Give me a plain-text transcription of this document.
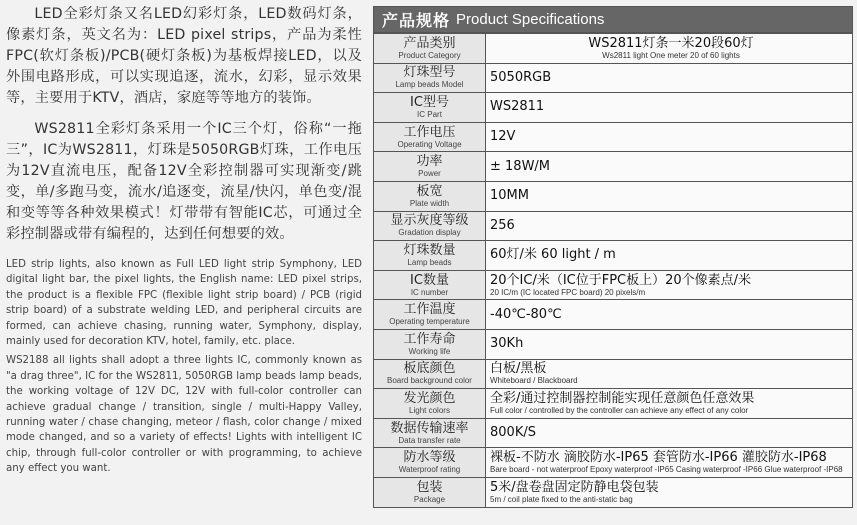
LED全彩灯条又名LED幻彩灯条，LED数码灯条，像素灯条，英文名为：LED pixel strips，产品为柔性FPC(软灯条板)/PCB(硬灯条板)为基板焊接LED，以及外围电路形成，可以实现追逐，流水，幻彩，显示效果等，主要用于KTV，酒店，家庭等等地方的装饰。

WS2811全彩灯条采用一个IC三个灯，俗称“一拖三”，IC为WS2811，灯珠是5050RGB灯珠，工作电压为12V直流电压，配备12V全彩控制器可实现渐变/跳变，单/多跑马变，流水/追逐变，流星/快闪，单色变/混和变等等各种效果模式！灯带带有智能IC芯，可通过全彩控制器或带有编程的，达到任何想要的效。

LED strip lights, also known as Full LED light strip Symphony, LED digital light bar, the pixel lights, the English name: LED pixel strips, the product is a flexible FPC (flexible light strip board) / PCB (rigid strip board) of a substrate welding LED, and peripheral circuits are formed, can achieve chasing, running water, Symphony, display, mainly used for decoration KTV, hotel, family, etc. place.

WS2188 all lights shall adopt a three lights IC, commonly known as "a drag three", IC for the WS2811, 5050RGB lamp beads lamp beads, the working voltage of 12V DC, 12V with full-color controller can achieve gradual change / transition, single / multi-Happy Valley, running water / chase changing, meteor / flash, color change / mixed mode changed, and so a variety of effects! Lights with intelligent IC chip, through full-color controller or with programming, to achieve any effect you want.

产品规格 Product Specifications
产品类别
Product Category	WS2811灯条一米20段60灯
Ws2811 light One meter 20 of 60 lights

灯珠型号
Lamp beads Model	5050RGB

IC型号
IC Part	WS2811

工作电压
Operating Voltage	12V

功率
Power	± 18W/M

板宽
Plate width	10MM

显示灰度等级
Gradation display	256

灯珠数量
Lamp beads	60灯/米 60 light / m

IC数量
IC number	20个IC/米（IC位于FPC板上）20个像素点/米
20 IC/m (IC located FPC board) 20 pixels/m

工作温度
Operating temperature	-40℃-80℃

工作寿命
Working life	30Kh

板底颜色
Board background color	白板/黑板
Whiteboard / Blackboard

发光颜色
Light colors	全彩/通过控制器控制能实现任意颜色任意效果
Full color / controlled by the controller can achieve any effect of any color

数据传输速率
Data transfer rate	800K/S

防水等级
Waterproof rating	裸板-不防水 滴胶防水-IP65 套管防水-IP66 灌胶防水-IP68
Bare board - not waterproof Epoxy waterproof -IP65 Casing waterproof -IP66 Glue waterproof -IP68

包装
Package	5米/盘卷盘固定防静电袋包装
5m / coil plate fixed to the anti-static bag
